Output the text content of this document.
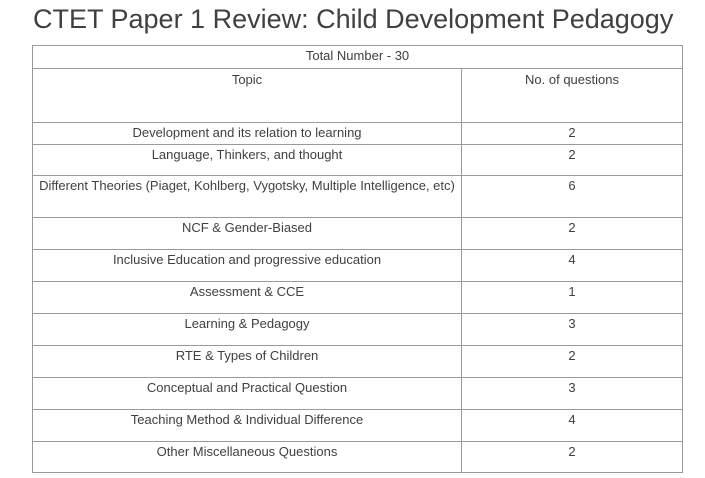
CTET Paper 1 Review: Child Development Pedagogy
Total Number - 30	
Topic	No. of questions
Development and its relation to learning	2
Language, Thinkers, and thought	2
Different Theories (Piaget, Kohlberg, Vygotsky, Multiple Intelligence, etc)	6
NCF & Gender-Biased	2
Inclusive Education and progressive education	4
Assessment & CCE	1
Learning & Pedagogy	3
RTE & Types of Children	2
Conceptual and Practical Question	3
Teaching Method & Individual Difference	4
Other Miscellaneous Questions	2
